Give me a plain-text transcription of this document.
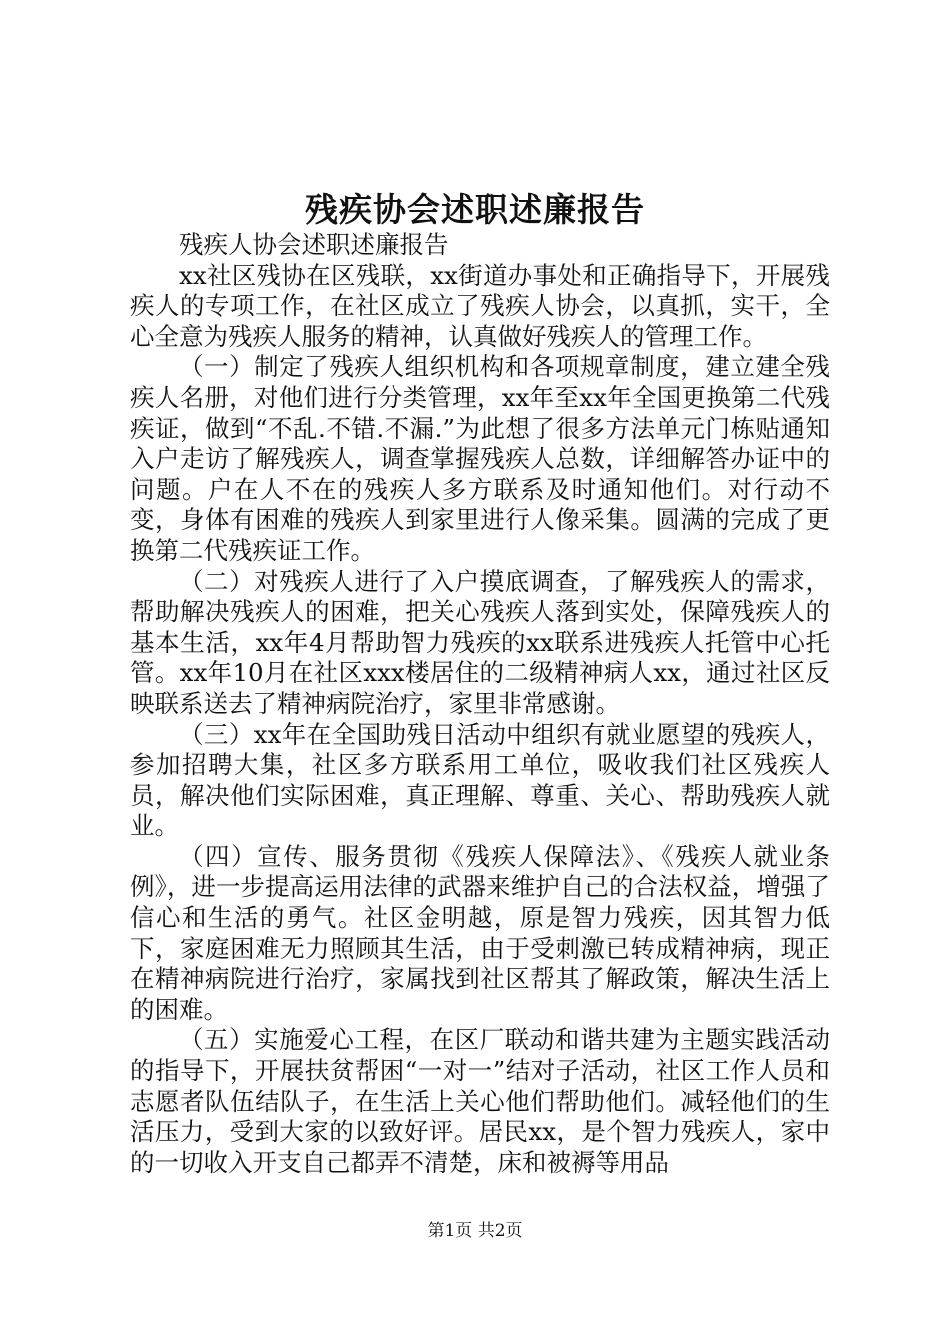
残疾协会述职述廉报告

残疾人协会述职述廉报告

xx社区残协在区残联，xx街道办事处和正确指导下，开展残疾人的专项工作，在社区成立了残疾人协会，以真抓，实干，全心全意为残疾人服务的精神，认真做好残疾人的管理工作。

（一）制定了残疾人组织机构和各项规章制度，建立建全残疾人名册，对他们进行分类管理，xx年至xx年全国更换第二代残疾证，做到“不乱.不错.不漏.”为此想了很多方法单元门栋贴通知入户走访了解残疾人，调查掌握残疾人总数，详细解答办证中的问题。户在人不在的残疾人多方联系及时通知他们。对行动不变，身体有困难的残疾人到家里进行人像采集。圆满的完成了更换第二代残疾证工作。

（二）对残疾人进行了入户摸底调查，了解残疾人的需求，帮助解决残疾人的困难，把关心残疾人落到实处，保障残疾人的基本生活，xx年4月帮助智力残疾的xx联系进残疾人托管中心托管。xx年10月在社区xxx楼居住的二级精神病人xx，通过社区反映联系送去了精神病院治疗，家里非常感谢。

（三）xx年在全国助残日活动中组织有就业愿望的残疾人，参加招聘大集，社区多方联系用工单位，吸收我们社区残疾人员，解决他们实际困难，真正理解、尊重、关心、帮助残疾人就业。

（四）宣传、服务贯彻《残疾人保障法》、《残疾人就业条例》，进一步提高运用法律的武器来维护自己的合法权益，增强了信心和生活的勇气。社区金明越，原是智力残疾，因其智力低下，家庭困难无力照顾其生活，由于受刺激已转成精神病，现正在精神病院进行治疗，家属找到社区帮其了解政策，解决生活上的困难。

（五）实施爱心工程，在区厂联动和谐共建为主题实践活动的指导下，开展扶贫帮困“一对一”结对子活动，社区工作人员和志愿者队伍结队子，在生活上关心他们帮助他们。减轻他们的生活压力，受到大家的以致好评。居民xx，是个智力残疾人，家中的一切收入开支自己都弄不清楚，床和被褥等用品

第1页 共2页
